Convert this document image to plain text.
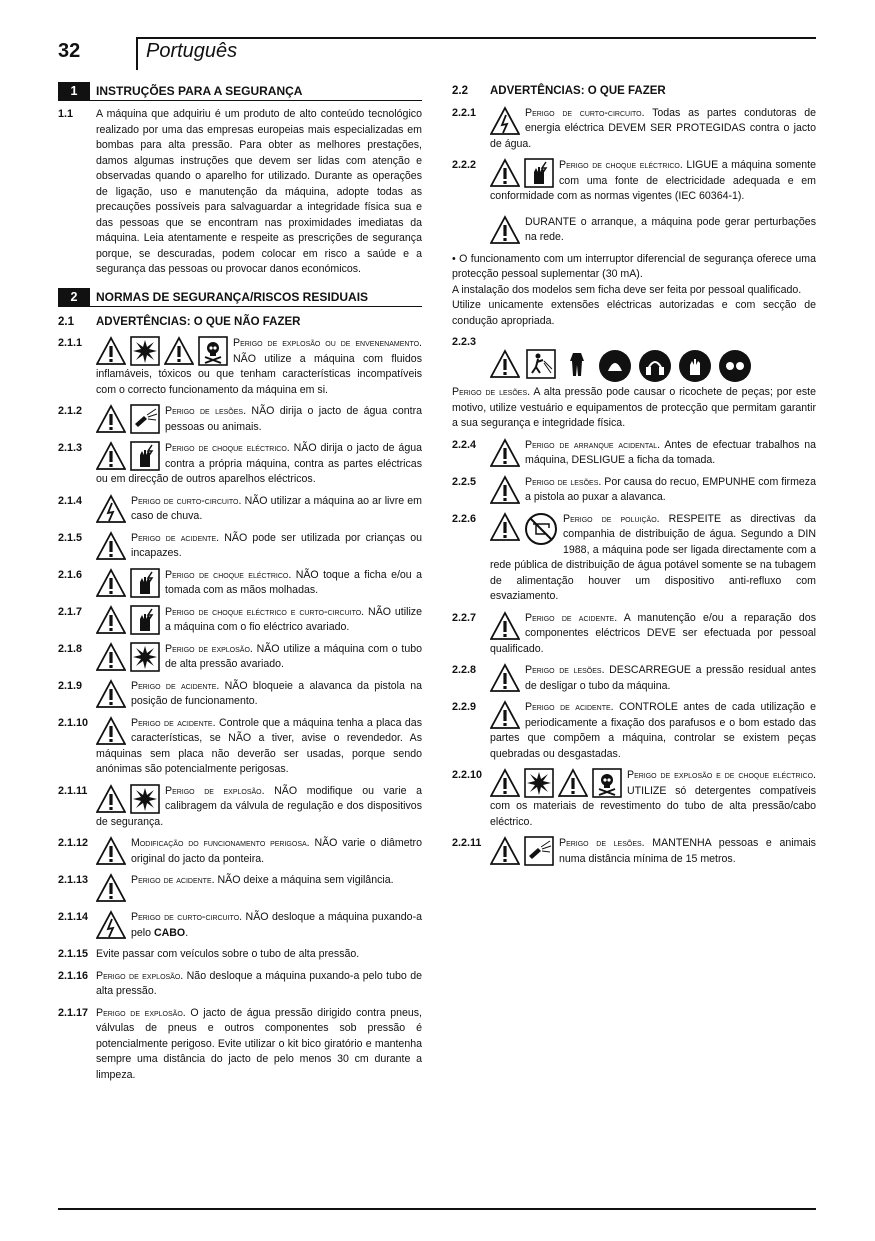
32	Português
1	INSTRUÇÕES PARA A SEGURANÇA
1.1	A máquina que adquiriu é um produto de alto conteúdo tecnológico realizado por uma das empresas europeias mais especializadas em bombas para alta pressão. Para obter as melhores prestações, damos algumas instruções que devem ser lidas com atenção e observadas quando o aparelho for utilizado. Durante as operações de ligação, uso e manutenção da máquina, adopte todas as precauções possíveis para salvaguardar a integridade física sua e das pessoas que se encontram nas proximidades imediatas da máquina. Leia atentamente e respeite as prescrições de segurança porque, se descuradas, podem colocar em risco a saúde e a segurança das pessoas ou provocar danos económicos.
2	NORMAS DE SEGURANÇA/RISCOS RESIDUAIS
2.1	ADVERTÊNCIAS: O QUE NÃO FAZER
2.1.1	Perigo de explosão ou de envenenamento. NÃO utilize a máquina com fluidos inflamáveis, tóxicos ou que tenham características incompatíveis com o correcto funcionamento da máquina em si.
2.1.2	Perigo de lesões. NÃO dirija o jacto de água contra pessoas ou animais.
2.1.3	Perigo de choque eléctrico. NÃO dirija o jacto de água contra a própria máquina, contra as partes eléctricas ou em direcção de outros aparelhos eléctricos.
2.1.4	Perigo de curto-circuito. NÃO utilizar a máquina ao ar livre em caso de chuva.
2.1.5	Perigo de acidente. NÃO pode ser utilizada por crianças ou incapazes.
2.1.6	Perigo de choque eléctrico. NÃO toque a ficha e/ou a tomada com as mãos molhadas.
2.1.7	Perigo de choque eléctrico e curto-circuito. NÃO utilize a máquina com o fio eléctrico avariado.
2.1.8	Perigo de explosão. NÃO utilize a máquina com o tubo de alta pressão avariado.
2.1.9	Perigo de acidente. NÃO bloqueie a alavanca da pistola na posição de funcionamento.
2.1.10	Perigo de acidente. Controle que a máquina tenha a placa das características, se NÃO a tiver, avise o revendedor. As máquinas sem placa não deverão ser usadas, porque sendo anónimas são potencialmente perigosas.
2.1.11	Perigo de explosão. NÃO modifique ou varie a calibragem da válvula de regulação e dos dispositivos de segurança.
2.1.12	Modificação do funcionamento perigosa. NÃO varie o diâmetro original do jacto da ponteira.
2.1.13	Perigo de acidente. NÃO deixe a máquina sem vigilância.
2.1.14	Perigo de curto-circuito. NÃO desloque a máquina puxando-a pelo CABO.
2.1.15 Evite passar com veículos sobre o tubo de alta pressão.
2.1.16 Perigo de explosão. Não desloque a máquina puxando-a pelo tubo de alta pressão.
2.1.17 Perigo de explosão. O jacto de água pressão dirigido contra pneus, válvulas de pneus e outros componentes sob pressão é potencialmente perigoso. Evite utilizar o kit bico giratório e mantenha sempre uma distância do jacto de pelo menos 30 cm durante a limpeza.
2.2	ADVERTÊNCIAS: O QUE FAZER
2.2.1	Perigo de curto-circuito. Todas as partes condutoras de energia eléctrica DEVEM SER PROTEGIDAS contra o jacto de água.
2.2.2	Perigo de choque eléctrico. LIGUE a máquina somente com uma fonte de electricidade adequada e em conformidade com as normas vigentes (IEC 60364-1).
DURANTE o arranque, a máquina pode gerar perturbações na rede.
• O funcionamento com um interruptor diferencial de segurança oferece uma protecção pessoal suplementar (30 mA).
A instalação dos modelos sem ficha deve ser feita por pessoal qualificado.
Utilize unicamente extensões eléctricas autorizadas e com secção de condução apropriada.
2.2.3
Perigo de lesões. A alta pressão pode causar o ricochete de peças; por este motivo, utilize vestuário e equipamentos de protecção que permitam garantir a sua segurança e integridade física.
2.2.4	Perigo de arranque acidental. Antes de efectuar trabalhos na máquina, DESLIGUE a ficha da tomada.
2.2.5	Perigo de lesões. Por causa do recuo, EMPUNHE com firmeza a pistola ao puxar a alavanca.
2.2.6	Perigo de poluição. RESPEITE as directivas da companhia de distribuição de água. Segundo a DIN 1988, a máquina pode ser ligada directamente com a rede pública de distribuição de água potável somente se na tubagem de alimentação houver um dispositivo anti-refluxo com esvaziamento.
2.2.7	Perigo de acidente. A manutenção e/ou a reparação dos componentes eléctricos DEVE ser efectuada por pessoal qualificado.
2.2.8	Perigo de lesões. DESCARREGUE a pressão residual antes de desligar o tubo da máquina.
2.2.9	Perigo de acidente. CONTROLE antes de cada utilização e periodicamente a fixação dos parafusos e o bom estado das partes que compõem a máquina, controlar se existem peças quebradas ou desgastadas.
2.2.10	Perigo de explosão e de choque eléctrico. UTILIZE só detergentes compatíveis com os materiais de revestimento do tubo de alta pressão/cabo eléctrico.
2.2.11	Perigo de lesões. MANTENHA pessoas e animais numa distância mínima de 15 metros.
